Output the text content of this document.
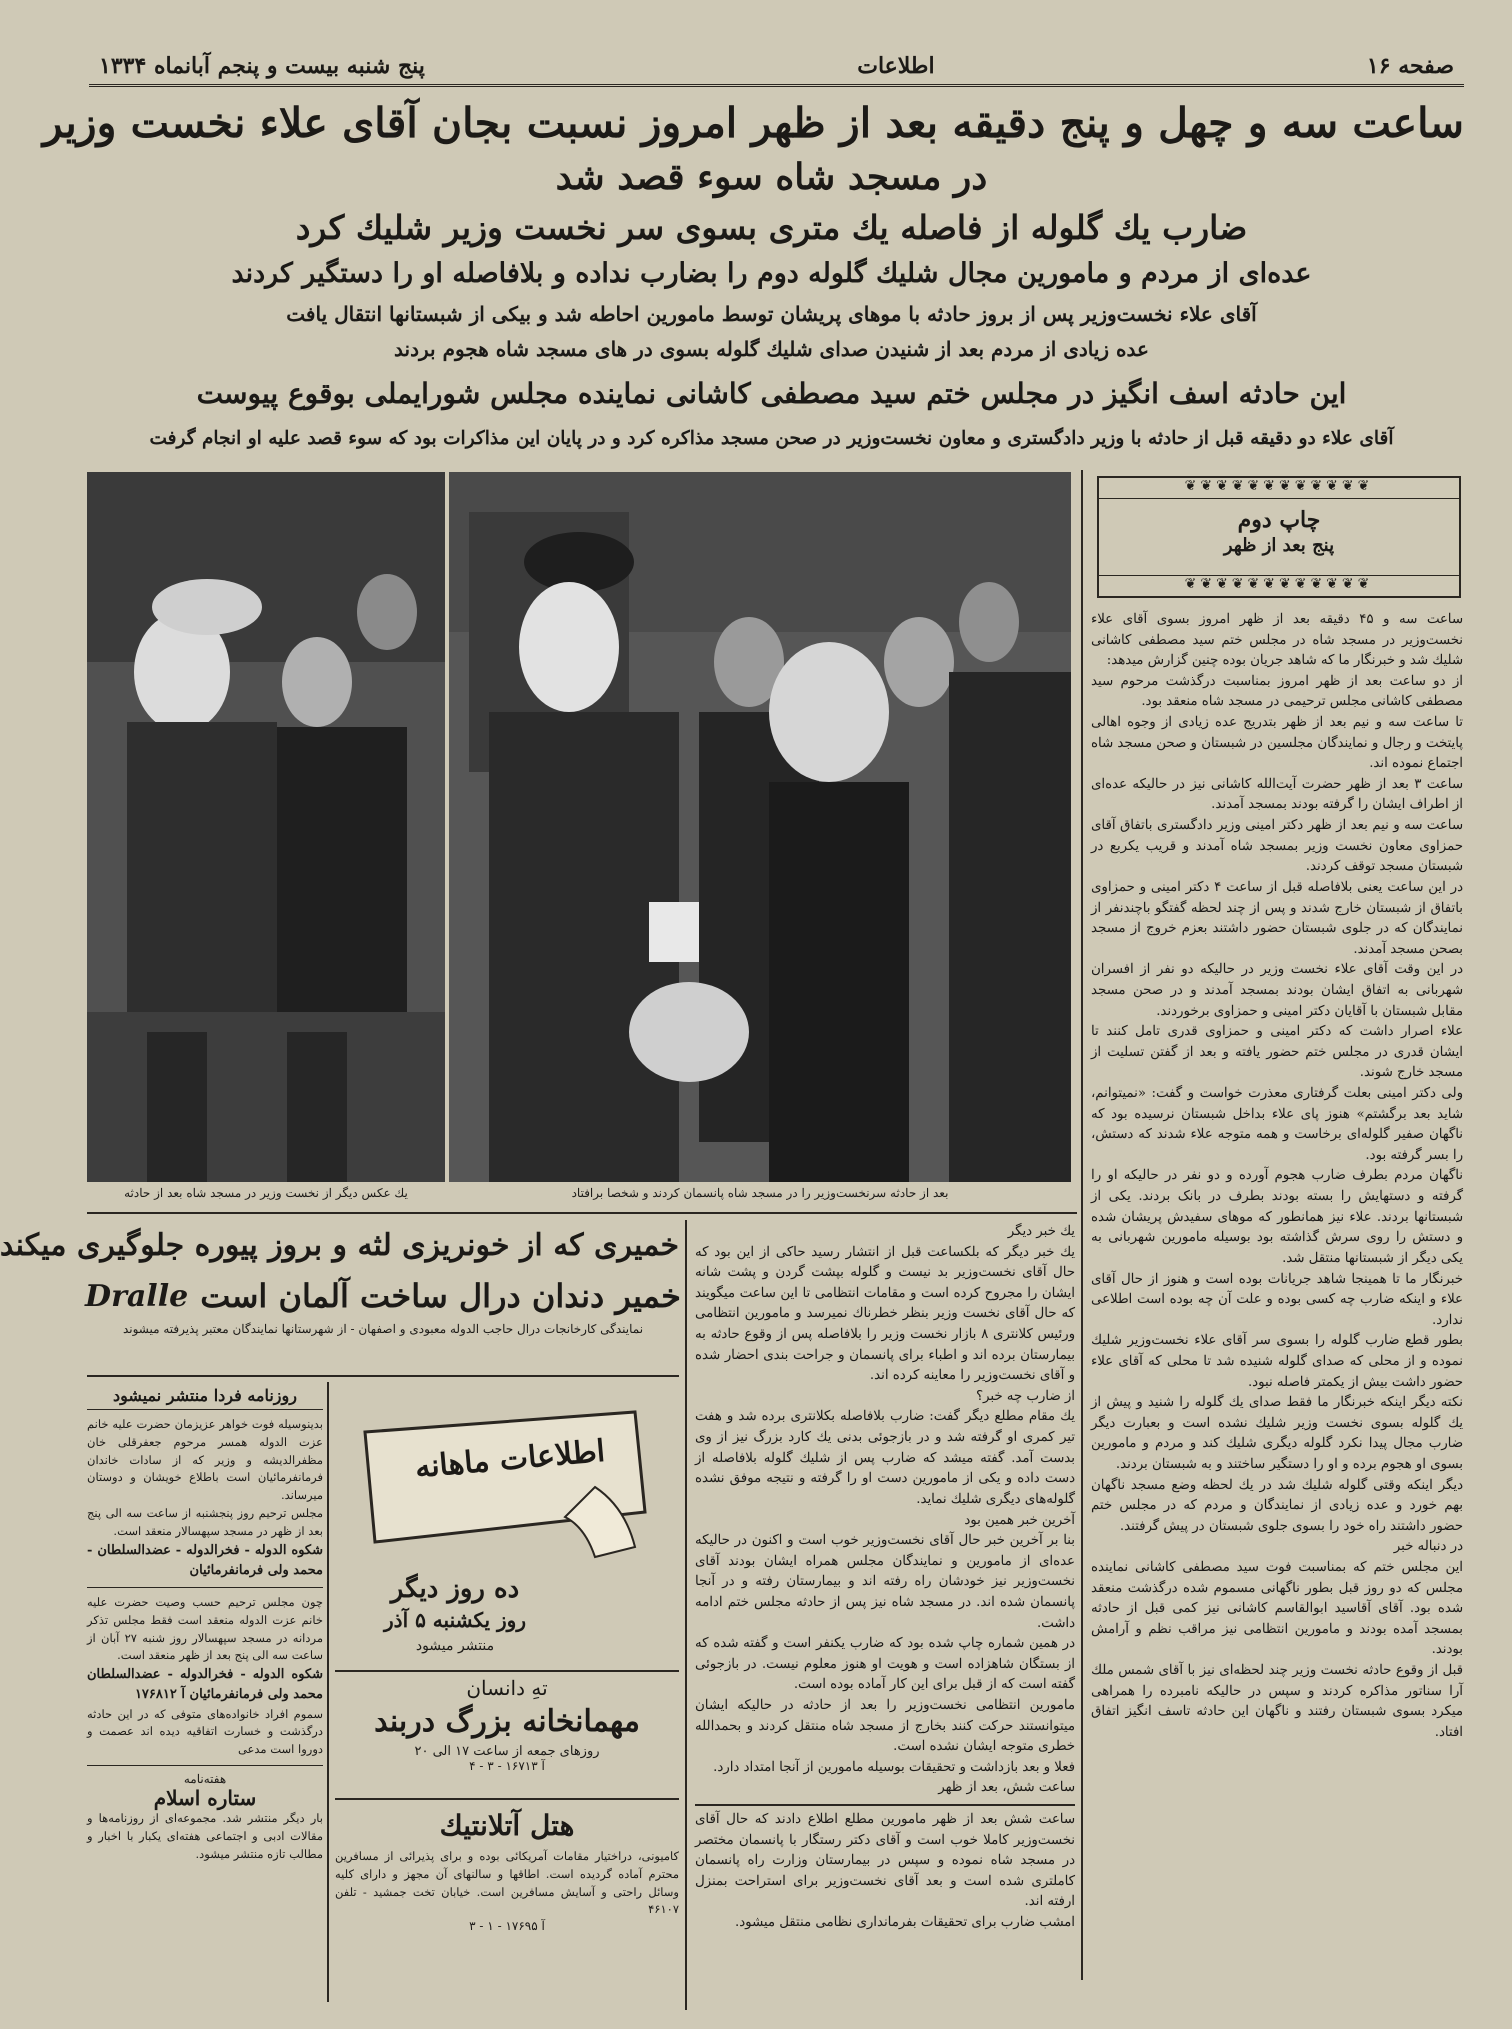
صفحه ۱۶
اطلاعات
پنج شنبه بیست و پنجم آبانماه ۱۳۳۴
ساعت سه و چهل و پنج دقیقه بعد از ظهر امروز نسبت بجان آقای علاء نخست وزیر
در مسجد شاه سوء قصد شد
ضارب یك گلوله از فاصله یك متری بسوی سر نخست وزیر شلیك کرد
عده‌ای از مردم و مامورین مجال شلیك گلوله دوم را بضارب نداده و بلافاصله او را دستگیر کردند
آقای علاء نخست‌وزیر پس از بروز حادثه با موهای پریشان توسط مامورین احاطه شد و بیکی از شبستانها انتقال یافت
عده زیادی از مردم بعد از شنیدن صدای شلیك گلوله بسوی در های مسجد شاه هجوم بردند
این حادثه اسف انگیز در مجلس ختم سید مصطفی کاشانی نماینده مجلس شورایملی بوقوع پیوست
آقای علاء دو دقیقه قبل از حادثه با وزیر دادگستری و معاون نخست‌وزیر در صحن مسجد مذاکره کرد و در پایان این مذاکرات بود که سوء قصد علیه او انجام گرفت
بعد از حادثه سرنخست‌وزیر را در مسجد شاه پانسمان کردند و شخصا برافتاد
یك عکس دیگر از نخست وزیر در مسجد شاه بعد از حادثه
❦❦❦❦❦❦❦❦❦❦❦❦
چاپ دوم
پنج بعد از ظهر
❦❦❦❦❦❦❦❦❦❦❦❦
ساعت سه و ۴۵ دقیقه بعد از ظهر امروز بسوی آقای علاء نخست‌وزیر در مسجد شاه در مجلس ختم سید مصطفی کاشانی شلیك شد و خبرنگار ما که شاهد جریان بوده چنین گزارش میدهد:
از دو ساعت بعد از ظهر امروز بمناسبت درگذشت مرحوم سید مصطفی کاشانی مجلس ترحیمی در مسجد شاه منعقد بود.
تا ساعت سه و نیم بعد از ظهر بتدریج عده زیادی از وجوه اهالی پایتخت و رجال و نمایندگان مجلسین در شبستان و صحن مسجد شاه اجتماع نموده اند.
ساعت ۳ بعد از ظهر حضرت آیت‌الله کاشانی نیز در حالیکه عده‌ای از اطراف ایشان را گرفته بودند بمسجد آمدند.
ساعت سه و نیم بعد از ظهر دکتر امینی وزیر دادگستری باتفاق آقای حمزاوی معاون نخست وزیر بمسجد شاه آمدند و قریب یکربع در شبستان مسجد توقف کردند.
در این ساعت یعنی بلافاصله قبل از ساعت ۴ دکتر امینی و حمزاوی باتفاق از شبستان خارج شدند و پس از چند لحظه گفتگو باچندنفر از نمایندگان که در جلوی شبستان حضور داشتند بعزم خروج از مسجد بصحن مسجد آمدند.
در این وقت آقای علاء نخست وزیر در حالیکه دو نفر از افسران شهربانی به اتفاق ایشان بودند بمسجد آمدند و در صحن مسجد مقابل شبستان با آقایان دکتر امینی و حمزاوی برخوردند.
علاء اصرار داشت که دکتر امینی و حمزاوی قدری تامل کنند تا ایشان قدری در مجلس ختم حضور یافته و بعد از گفتن تسلیت از مسجد خارج شوند.
ولی دکتر امینی بعلت گرفتاری معذرت خواست و گفت: «نمیتوانم، شاید بعد برگشتم» هنوز پای علاء بداخل شبستان نرسیده بود که ناگهان صفیر گلوله‌ای برخاست و همه متوجه علاء شدند که دستش، را بسر گرفته بود.
ناگهان مردم بطرف ضارب هجوم آورده و دو نفر در حالیکه او را گرفته و دستهایش را بسته بودند بطرف در بانک بردند. یکی از شبستانها بردند. علاء نیز همانطور که موهای سفیدش پریشان شده و دستش را روی سرش گذاشته بود بوسیله مامورین شهربانی به یکی دیگر از شبستانها منتقل شد.
خبرنگار ما تا همینجا شاهد جریانات بوده است و هنوز از حال آقای علاء و اینکه ضارب چه کسی بوده و علت آن چه بوده است اطلاعی ندارد.
بطور قطع ضارب گلوله را بسوی سر آقای علاء نخست‌وزیر شلیك نموده و از محلی که صدای گلوله شنیده شد تا محلی که آقای علاء حضور داشت بیش از یکمتر فاصله نبود.
نکته دیگر اینکه خبرنگار ما فقط صدای یك گلوله را شنید و پیش از یك گلوله بسوی نخست وزیر شلیك نشده است و بعبارت دیگر ضارب مجال پیدا نکرد گلوله دیگری شلیك کند و مردم و مامورین بسوی او هجوم برده و او را دستگیر ساختند و به شبستان بردند.
دیگر اینکه وقتی گلوله شلیك شد در یك لحظه وضع مسجد ناگهان بهم خورد و عده زیادی از نمایندگان و مردم که در مجلس ختم حضور داشتند راه خود را بسوی جلوی شبستان در پیش گرفتند.
در دنباله خبر
این مجلس ختم که بمناسبت فوت سید مصطفی کاشانی نماینده مجلس که دو روز قبل بطور ناگهانی مسموم شده درگذشت منعقد شده بود. آقای آقاسید ابوالقاسم کاشانی نیز کمی قبل از حادثه بمسجد آمده بودند و مامورین انتظامی نیز مراقب نظم و آرامش بودند.
قبل از وقوع حادثه نخست وزیر چند لحظه‌ای نیز با آقای شمس ملك آرا سناتور مذاکره کردند و سپس در حالیکه نامبرده را همراهی میکرد بسوی شبستان رفتند و ناگهان این حادثه تاسف انگیز اتفاق افتاد.
یك خبر دیگر
یك خبر دیگر که بلکساعت قبل از انتشار رسید حاکی از این بود که حال آقای نخست‌وزیر بد نیست و گلوله بپشت گردن و پشت شانه ایشان را مجروح کرده است و مقامات انتظامی تا این ساعت میگویند که حال آقای نخست وزیر بنظر خطرناك نمیرسد و مامورین انتظامی ورئیس کلانتری ۸ بازار نخست وزیر را بلافاصله پس از وقوع حادثه به بیمارستان برده اند و اطباء برای پانسمان و جراحت بندی احضار شده و آقای نخست‌وزیر را معاینه کرده اند.
از ضارب چه خبر؟
یك مقام مطلع دیگر گفت: ضارب بلافاصله بکلانتری برده شد و هفت تیر کمری او گرفته شد و در بازجوئی بدنی یك کارد بزرگ نیز از وی بدست آمد. گفته میشد که ضارب پس از شلیك گلوله بلافاصله از دست داده و یکی از مامورین دست او را گرفته و نتیجه موفق نشده گلوله‌های دیگری شلیك نماید.
آخرین خبر همین بود
بنا بر آخرین خبر حال آقای نخست‌وزیر خوب است و اکنون در حالیکه عده‌ای از مامورین و نمایندگان مجلس همراه ایشان بودند آقای نخست‌وزیر نیز خودشان راه رفته اند و بیمارستان رفته و در آنجا پانسمان شده اند. در مسجد شاه نیز پس از حادثه مجلس ختم ادامه داشت.
در همین شماره چاپ شده بود که ضارب یکنفر است و گفته شده که از بستگان شاهزاده است و هویت او هنوز معلوم نیست. در بازجوئی گفته است که از قبل برای این کار آماده بوده است.
مامورین انتظامی نخست‌وزیر را بعد از حادثه در حالیکه ایشان میتوانستند حرکت کنند بخارج از مسجد شاه منتقل کردند و بحمدالله خطری متوجه ایشان نشده است.
فعلا و بعد بازداشت و تحقیقات بوسیله مامورین از آنجا امتداد دارد.
ساعت شش، بعد از ظهر
ساعت شش بعد از ظهر مامورین مطلع اطلاع دادند که حال آقای نخست‌وزیر کاملا خوب است و آقای دکتر رستگار با پانسمان مختصر در مسجد شاه نموده و سپس در بیمارستان وزارت راه پانسمان کاملتری شده است و بعد آقای نخست‌وزیر برای استراحت بمنزل ارفته اند.
امشب ضارب برای تحقیقات بفرمانداری نظامی منتقل میشود.
خمیری که از خونریزی لثه و بروز پیوره جلوگیری میکند
خمیر دندان درال ساخت آلمان است
Dralle
نمایندگی کارخانجات درال حاجب الدوله معبودی و اصفهان - از شهرستانها نمایندگان معتبر پذیرفته میشوند
روزنامه فردا منتشر نمیشود
بدینوسیله فوت خواهر عزیزمان حضرت علیه خانم عزت الدوله همسر مرحوم جعفرقلی خان مظفرالدیشه و وزیر که از سادات خاندان فرمانفرمائیان است باطلاع خویشان و دوستان میرساند.
مجلس ترحیم روز پنجشنبه از ساعت سه الی پنج بعد از ظهر در مسجد سپهسالار منعقد است.
شکوه الدوله - فخرالدوله - عضدالسلطان - محمد ولی فرمانفرمائیان
چون مجلس ترحیم حسب وصیت حضرت علیه خانم عزت الدوله منعقد است فقط مجلس تذکر مردانه در مسجد سپهسالار روز شنبه ۲۷ آبان از ساعت سه الی پنج بعد از ظهر منعقد است.
شکوه الدوله - فخرالدوله - عضدالسلطان محمد ولی فرمانفرمائیان آ ۱۷۶۸۱۲
سموم افراد خانواده‌های متوفی که در این حادثه درگذشت و خسارت اتفاقیه دیده اند عصمت و دوروا است مدعی
هفته‌نامه
ستاره اسلام
بار دیگر منتشر شد. مجموعه‌ای از روزنامه‌ها و مقالات ادبی و اجتماعی هفته‌ای یکبار با اخبار و مطالب تازه منتشر میشود.
اطلاعات ماهانه
ده روز دیگر
روز یکشنبه ۵ آذر
منتشر میشود
تهِ دانسان
مهمانخانه بزرگ دربند
روزهای جمعه از ساعت ۱۷ الی ۲۰
آ ۱۶۷۱۳ - ۳ - ۴
هتل آتلانتیك
کامیونی، دراختیار مقامات آمریکائی بوده و برای پذیرائی از مسافرین محترم آماده گردیده است. اطاقها و سالنهای آن مجهز و دارای کلیه وسائل راحتی و آسایش مسافرین است. خیابان تخت جمشید - تلفن ۴۶۱۰۷
آ ۱۷۶۹۵ - ۱ - ۳
